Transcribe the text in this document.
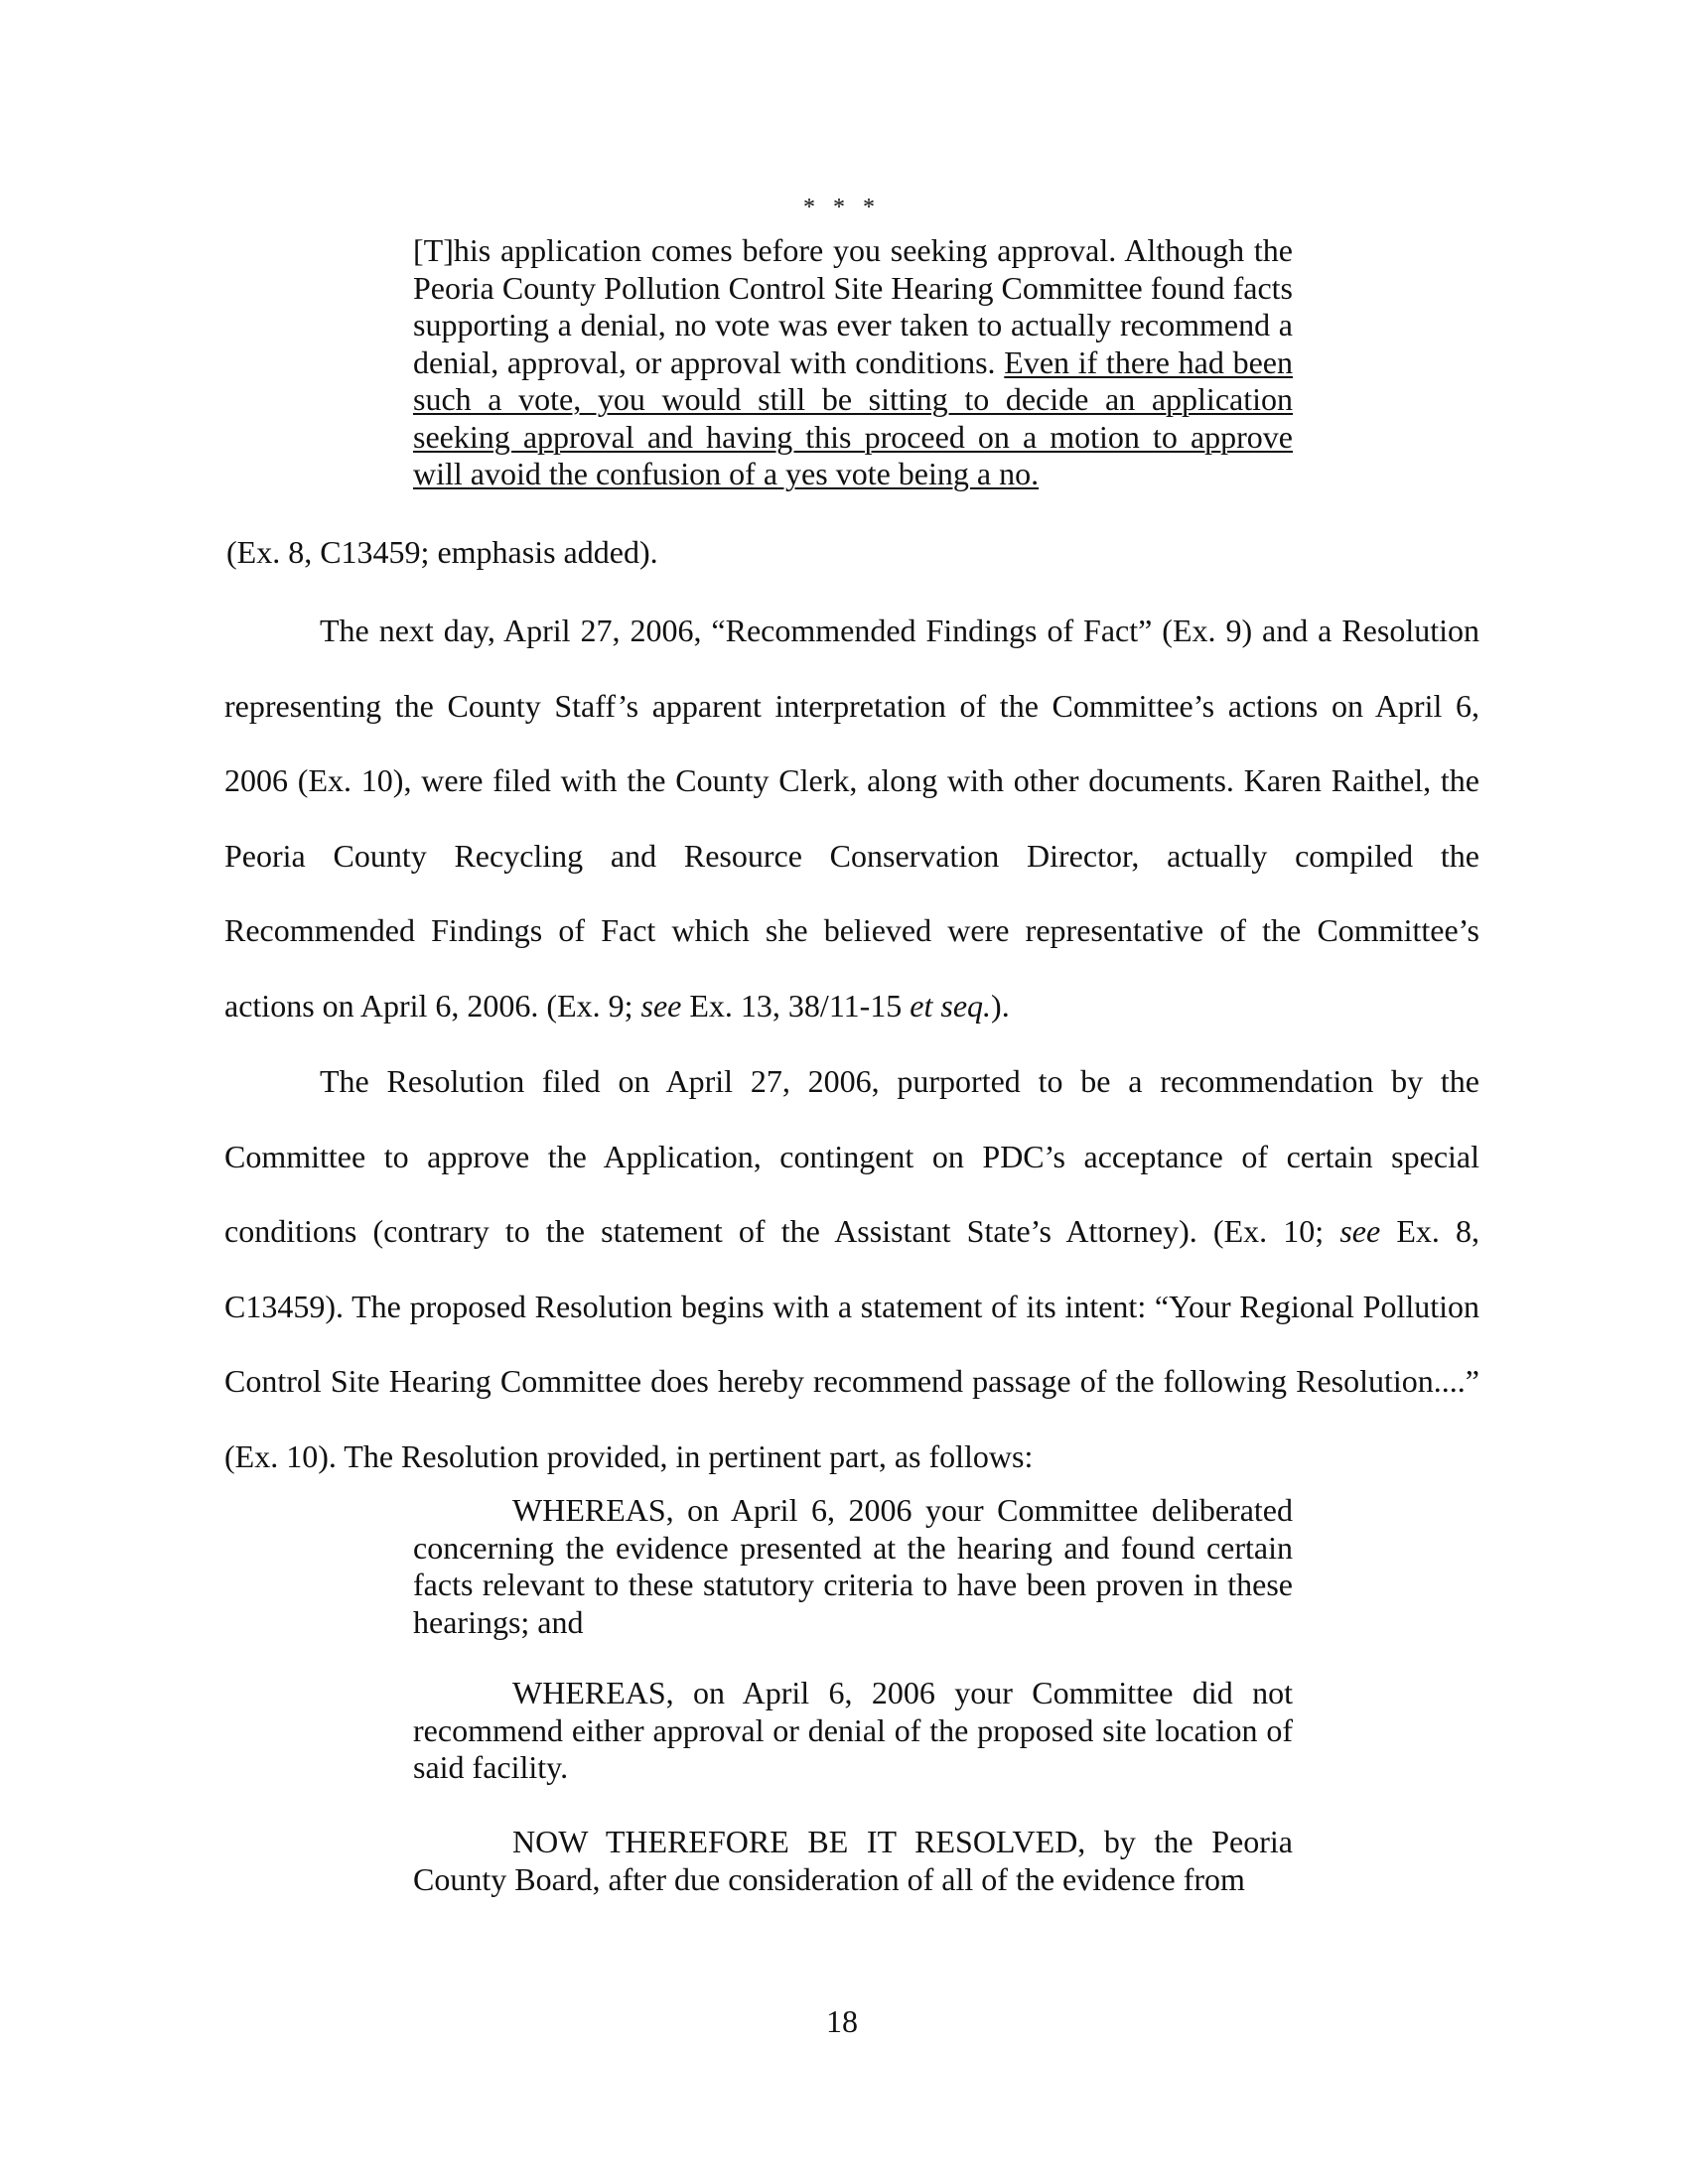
* * *

[T]his application comes before you seeking approval. Although the Peoria County Pollution Control Site Hearing Committee found facts supporting a denial, no vote was ever taken to actually recommend a denial, approval, or approval with conditions. Even if there had been such a vote, you would still be sitting to decide an application seeking approval and having this proceed on a motion to approve will avoid the confusion of a yes vote being a no.

(Ex. 8, C13459; emphasis added).

The next day, April 27, 2006, “Recommended Findings of Fact” (Ex. 9) and a Resolution representing the County Staff’s apparent interpretation of the Committee’s actions on April 6, 2006 (Ex. 10), were filed with the County Clerk, along with other documents. Karen Raithel, the Peoria County Recycling and Resource Conservation Director, actually compiled the Recommended Findings of Fact which she believed were representative of the Committee’s actions on April 6, 2006. (Ex. 9; see Ex. 13, 38/11-15 et seq.).

The Resolution filed on April 27, 2006, purported to be a recommendation by the Committee to approve the Application, contingent on PDC’s acceptance of certain special conditions (contrary to the statement of the Assistant State’s Attorney). (Ex. 10; see Ex. 8, C13459). The proposed Resolution begins with a statement of its intent: “Your Regional Pollution Control Site Hearing Committee does hereby recommend passage of the following Resolution....” (Ex. 10). The Resolution provided, in pertinent part, as follows:

WHEREAS, on April 6, 2006 your Committee deliberated concerning the evidence presented at the hearing and found certain facts relevant to these statutory criteria to have been proven in these hearings; and

WHEREAS, on April 6, 2006 your Committee did not recommend either approval or denial of the proposed site location of said facility.

NOW THEREFORE BE IT RESOLVED, by the Peoria County Board, after due consideration of all of the evidence from

18
